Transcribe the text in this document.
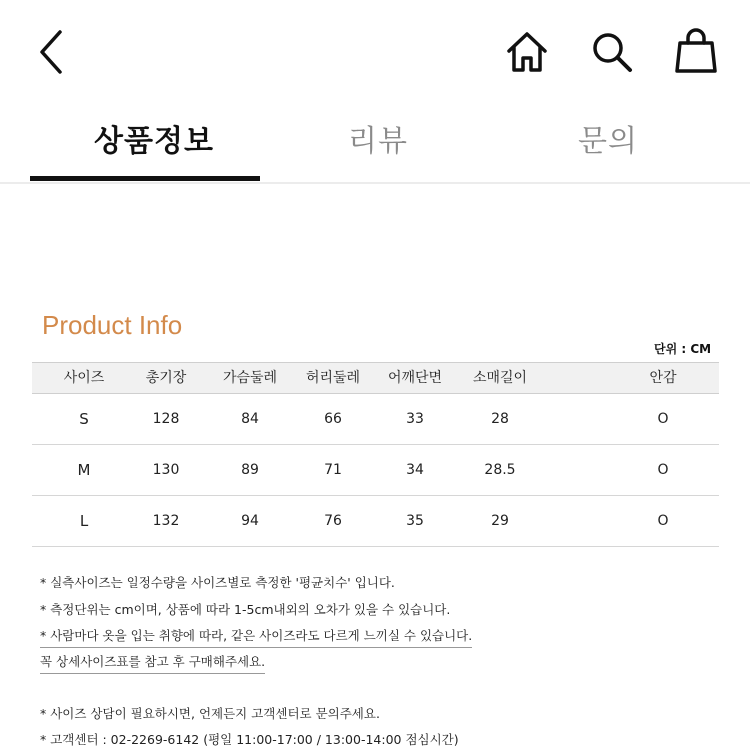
상품정보	리뷰	문의
Product Info
단위 : CM
사이즈	총기장	가슴둘레	허리둘레	어깨단면	소매길이	안감
S	128	84	66	33	28	O
M	130	89	71	34	28.5	O
L	132	94	76	35	29	O
* 실측사이즈는 일정수량을 사이즈별로 측정한 '평균치수' 입니다.
* 측정단위는 cm이며, 상품에 따라 1-5cm내외의 오차가 있을 수 있습니다.
* 사람마다 옷을 입는 취향에 따라, 같은 사이즈라도 다르게 느끼실 수 있습니다.
꼭 상세사이즈표를 참고 후 구매해주세요.
* 사이즈 상담이 필요하시면, 언제든지 고객센터로 문의주세요.
* 고객센터 : 02-2269-6142 (평일 11:00-17:00 / 13:00-14:00 점심시간)
